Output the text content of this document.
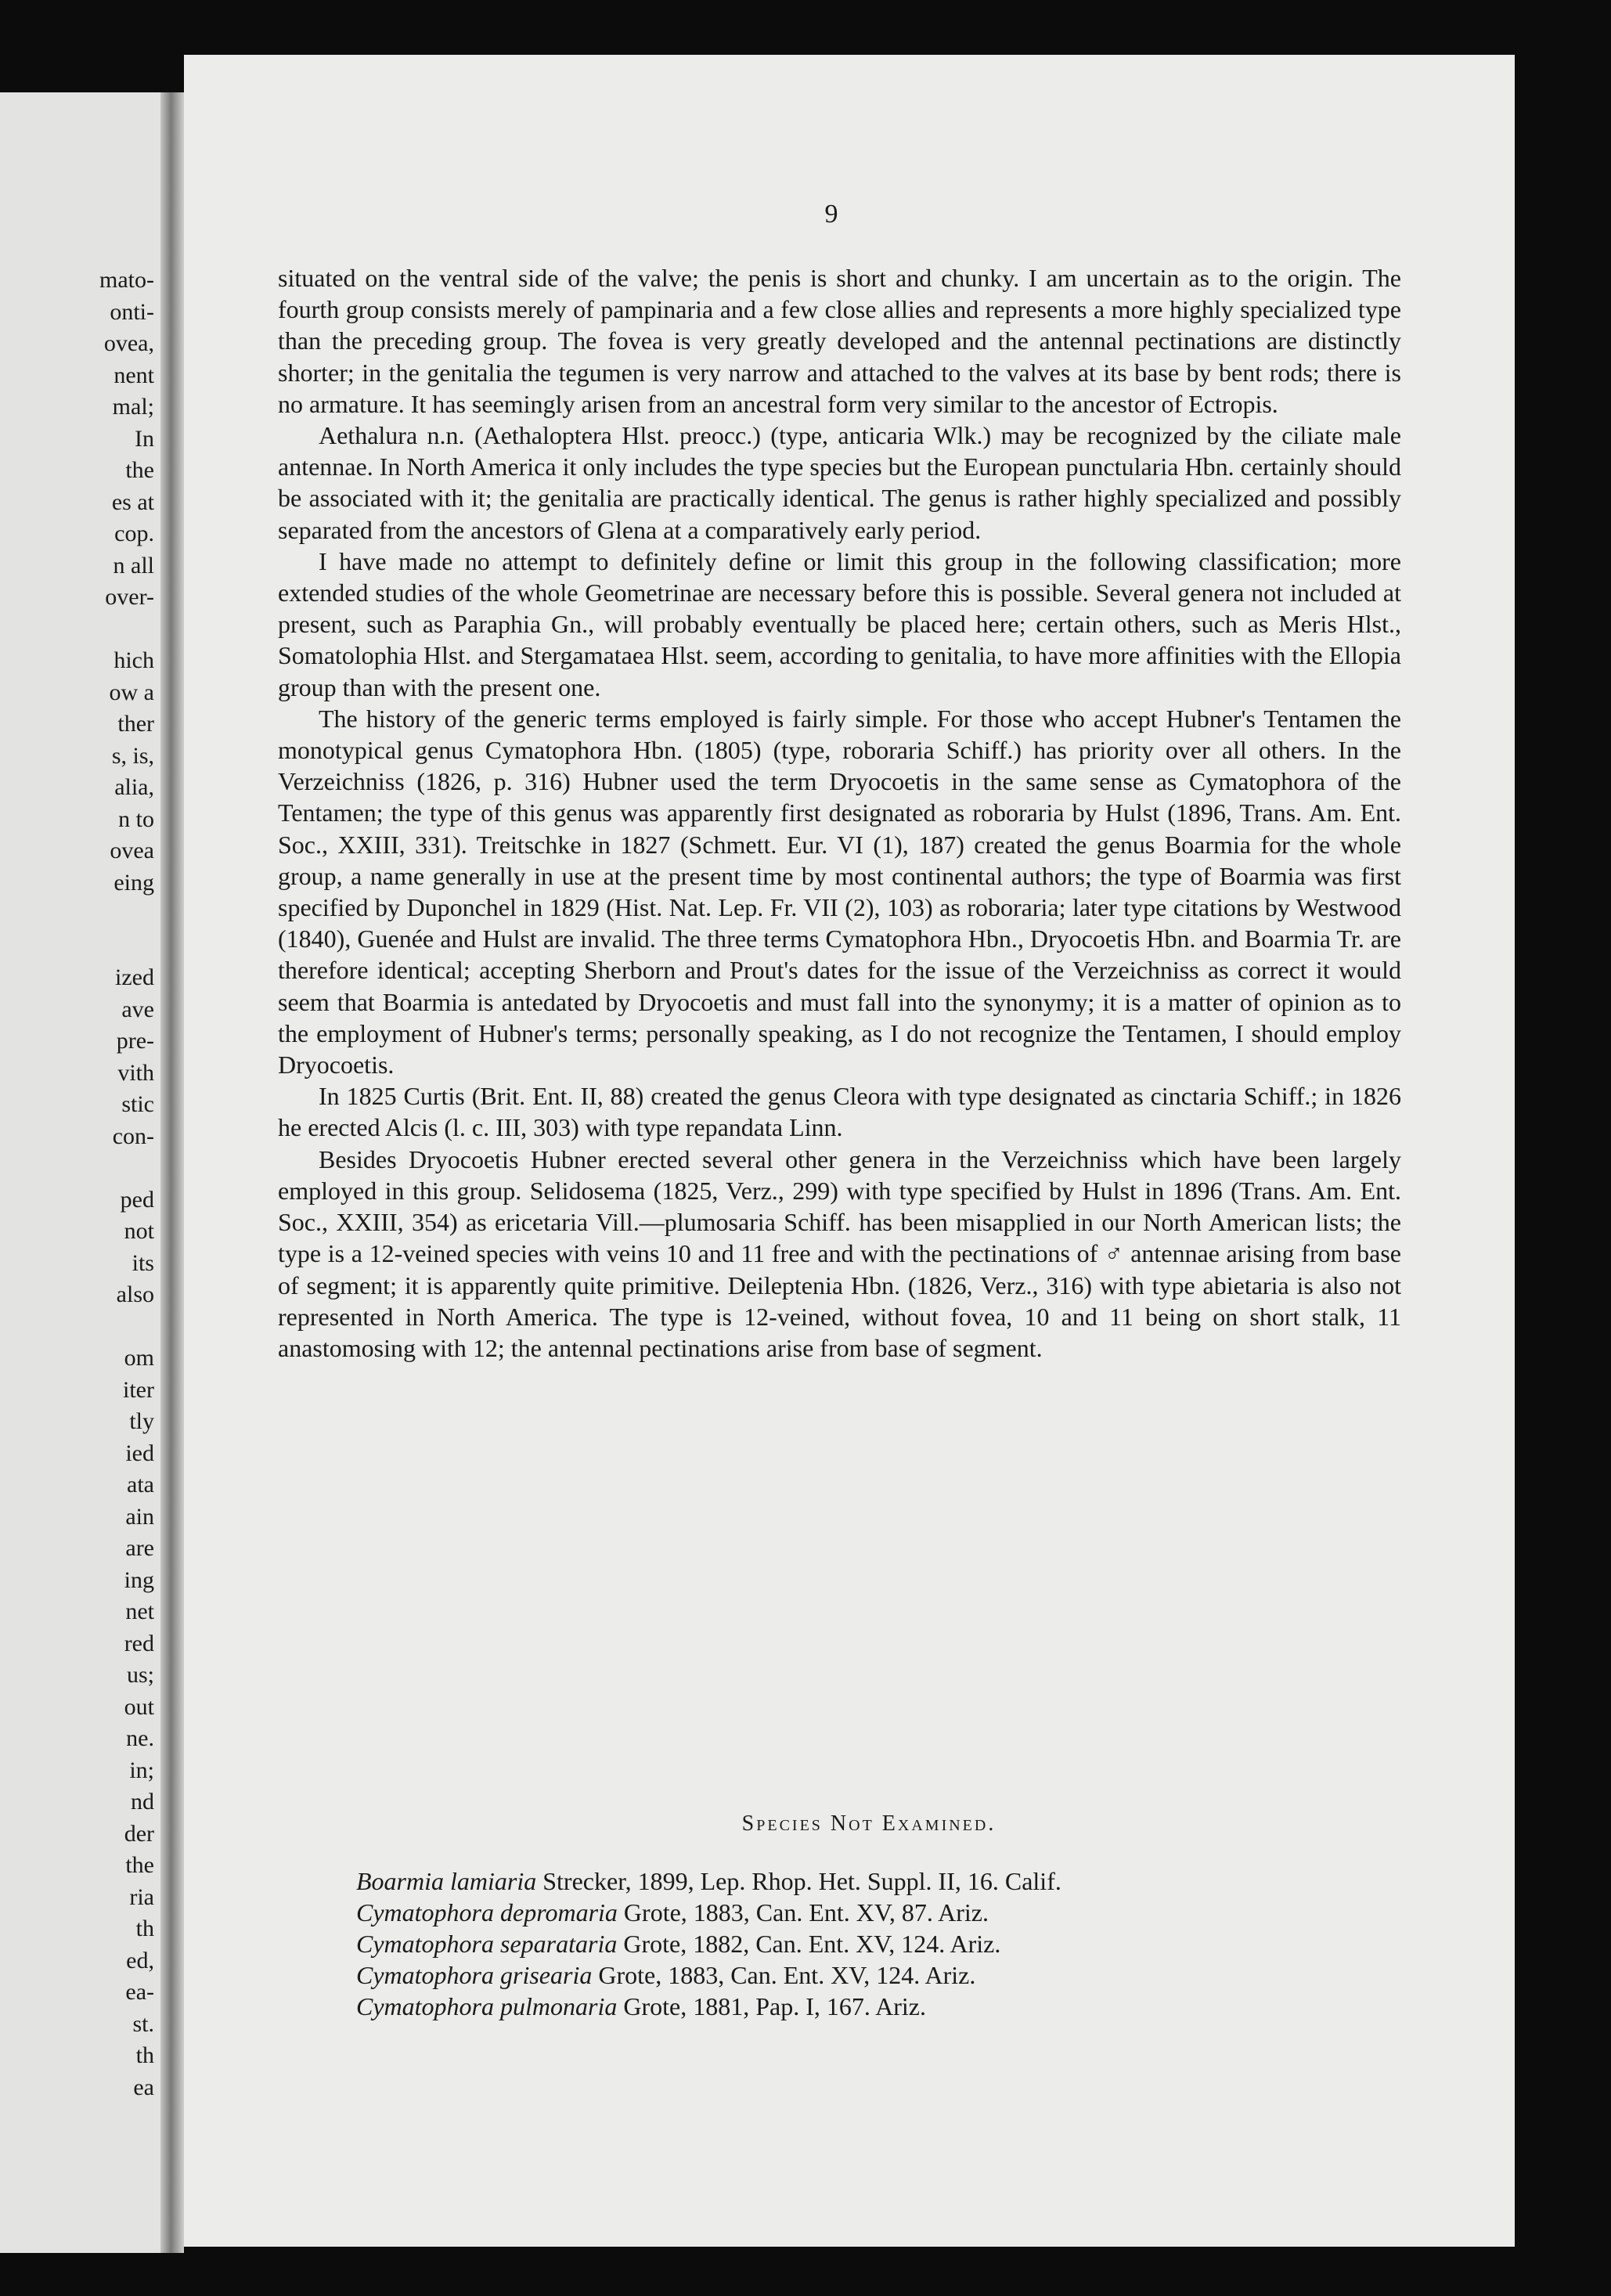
mato-
onti-
ovea,
nent
mal;
In
the
es at
cop.
n all
over-
hich
ow a
ther
s, is,
alia,
n to
ovea
eing
ized
ave
pre-
vith
stic
con-
ped
not
its
also
om
iter
tly
ied
ata
ain
are
ing
net
red
us;
out
ne.
in;
nd
der
the
ria
th
ed,
ea-
st.
th
ea
9

situated on the ventral side of the valve; the penis is short and chunky. I am uncertain as to the origin. The fourth group consists merely of pampinaria and a few close allies and represents a more highly specialized type than the preceding group. The fovea is very greatly developed and the antennal pectinations are distinctly shorter; in the genitalia the tegumen is very narrow and attached to the valves at its base by bent rods; there is no armature. It has seemingly arisen from an ancestral form very similar to the ancestor of Ectropis.

Aethalura n.n. (Aethaloptera Hlst. preocc.) (type, anticaria Wlk.) may be recognized by the ciliate male antennae. In North America it only includes the type species but the European punctularia Hbn. certainly should be associated with it; the genitalia are practically identical. The genus is rather highly specialized and possibly separated from the ancestors of Glena at a comparatively early period.

I have made no attempt to definitely define or limit this group in the following classification; more extended studies of the whole Geometrinae are necessary before this is possible. Several genera not included at present, such as Paraphia Gn., will probably eventually be placed here; certain others, such as Meris Hlst., Somatolophia Hlst. and Stergamataea Hlst. seem, according to genitalia, to have more affinities with the Ellopia group than with the present one.

The history of the generic terms employed is fairly simple. For those who accept Hubner's Tentamen the monotypical genus Cymatophora Hbn. (1805) (type, roboraria Schiff.) has priority over all others. In the Verzeichniss (1826, p. 316) Hubner used the term Dryocoetis in the same sense as Cymatophora of the Tentamen; the type of this genus was apparently first designated as roboraria by Hulst (1896, Trans. Am. Ent. Soc., XXIII, 331). Treitschke in 1827 (Schmett. Eur. VI (1), 187) created the genus Boarmia for the whole group, a name generally in use at the present time by most continental authors; the type of Boarmia was first specified by Duponchel in 1829 (Hist. Nat. Lep. Fr. VII (2), 103) as roboraria; later type citations by Westwood (1840), Guenée and Hulst are invalid. The three terms Cymatophora Hbn., Dryocoetis Hbn. and Boarmia Tr. are therefore identical; accepting Sherborn and Prout's dates for the issue of the Verzeichniss as correct it would seem that Boarmia is antedated by Dryocoetis and must fall into the synonymy; it is a matter of opinion as to the employment of Hubner's terms; personally speaking, as I do not recognize the Tentamen, I should employ Dryocoetis.

In 1825 Curtis (Brit. Ent. II, 88) created the genus Cleora with type designated as cinctaria Schiff.; in 1826 he erected Alcis (l. c. III, 303) with type repandata Linn.

Besides Dryocoetis Hubner erected several other genera in the Verzeichniss which have been largely employed in this group. Selidosema (1825, Verz., 299) with type specified by Hulst in 1896 (Trans. Am. Ent. Soc., XXIII, 354) as ericetaria Vill.—plumosaria Schiff. has been misapplied in our North American lists; the type is a 12-veined species with veins 10 and 11 free and with the pectinations of ♂ antennae arising from base of segment; it is apparently quite primitive. Deileptenia Hbn. (1826, Verz., 316) with type abietaria is also not represented in North America. The type is 12-veined, without fovea, 10 and 11 being on short stalk, 11 anastomosing with 12; the antennal pectinations arise from base of segment.

Species Not Examined.
Boarmia lamiaria Strecker, 1899, Lep. Rhop. Het. Suppl. II, 16. Calif.
Cymatophora depromaria Grote, 1883, Can. Ent. XV, 87. Ariz.
Cymatophora separataria Grote, 1882, Can. Ent. XV, 124. Ariz.
Cymatophora grisearia Grote, 1883, Can. Ent. XV, 124. Ariz.
Cymatophora pulmonaria Grote, 1881, Pap. I, 167. Ariz.
